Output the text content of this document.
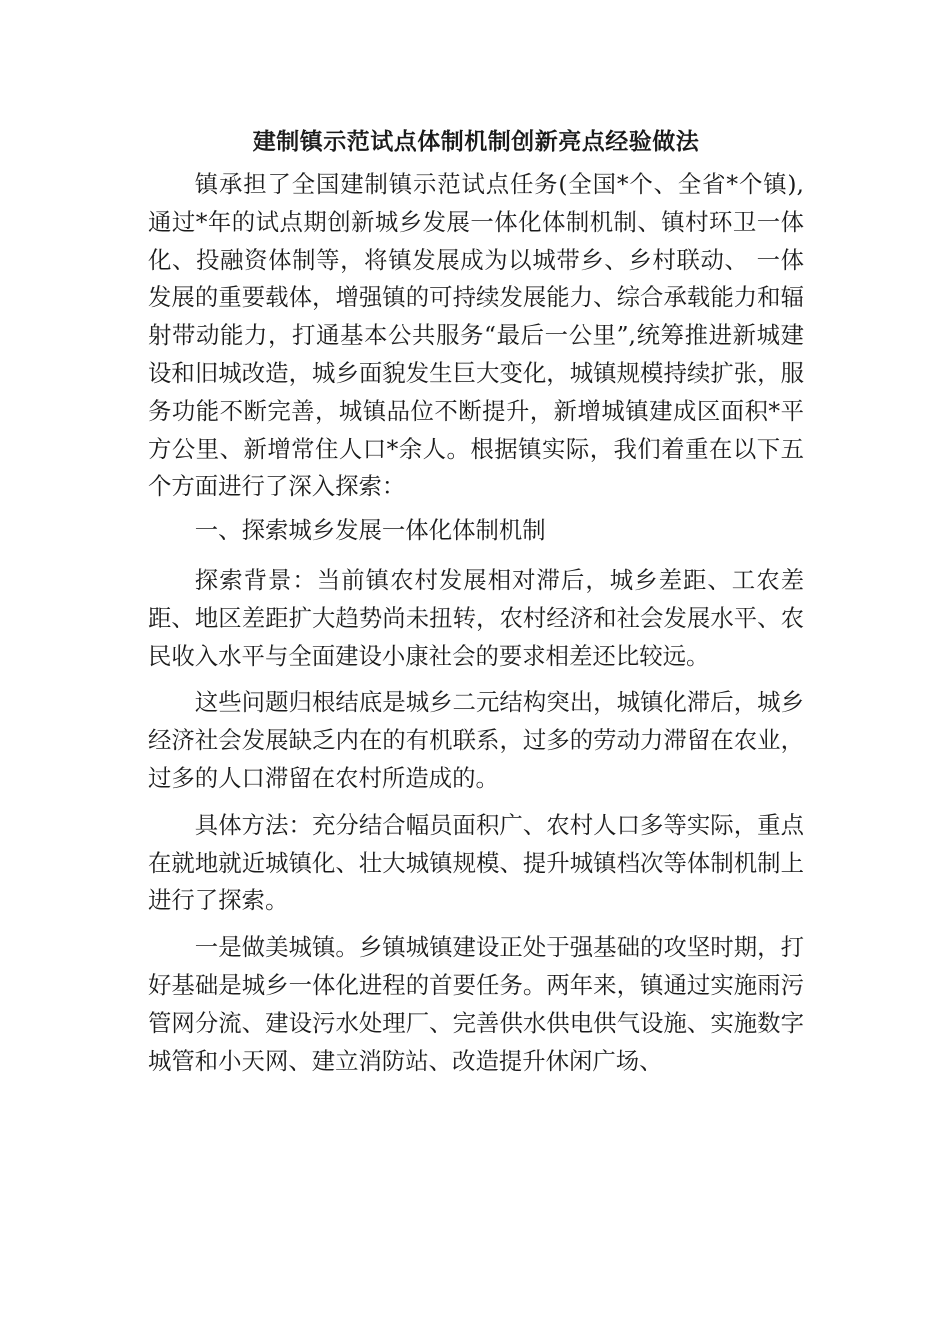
建制镇示范试点体制机制创新亮点经验做法

镇承担了全国建制镇示范试点任务(全国*个、全省*个镇),通过*年的试点期创新城乡发展一体化体制机制、镇村环卫一体化、投融资体制等，将镇发展成为以城带乡、乡村联动、 一体发展的重要载体，增强镇的可持续发展能力、综合承载能力和辐射带动能力，打通基本公共服务“最后一公里”,统筹推进新城建设和旧城改造，城乡面貌发生巨大变化，城镇规模持续扩张，服务功能不断完善，城镇品位不断提升，新增城镇建成区面积*平方公里、新增常住人口*余人。根据镇实际，我们着重在以下五个方面进行了深入探索：

一、探索城乡发展一体化体制机制

探索背景：当前镇农村发展相对滞后，城乡差距、工农差距、地区差距扩大趋势尚未扭转，农村经济和社会发展水平、农民收入水平与全面建设小康社会的要求相差还比较远。

这些问题归根结底是城乡二元结构突出，城镇化滞后，城乡经济社会发展缺乏内在的有机联系，过多的劳动力滞留在农业，过多的人口滞留在农村所造成的。

具体方法：充分结合幅员面积广、农村人口多等实际，重点在就地就近城镇化、壮大城镇规模、提升城镇档次等体制机制上进行了探索。

一是做美城镇。乡镇城镇建设正处于强基础的攻坚时期，打好基础是城乡一体化进程的首要任务。两年来，镇通过实施雨污管网分流、建设污水处理厂、完善供水供电供气设施、实施数字城管和小天网、建立消防站、改造提升休闲广场、
